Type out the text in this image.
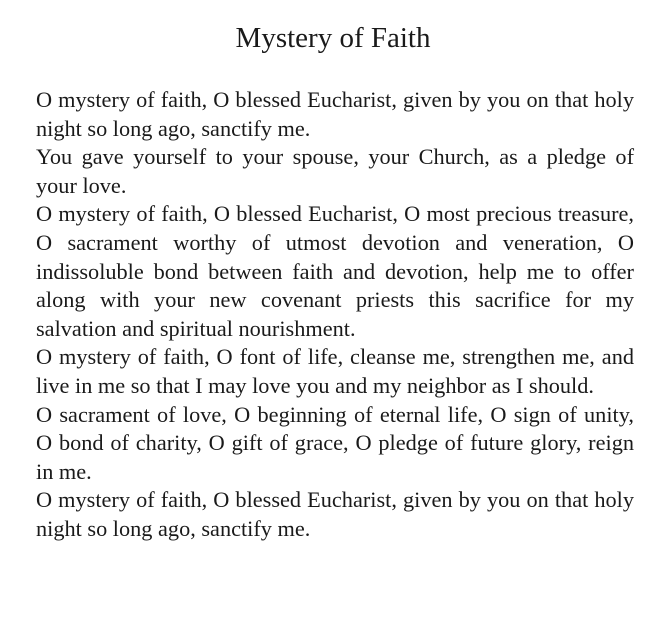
Mystery of Faith

O mystery of faith, O blessed Eucharist, given by you on that holy night so long ago, sanctify me.

You gave yourself to your spouse, your Church, as a pledge of your love.

O mystery of faith, O blessed Eucharist, O most precious treasure, O sacrament worthy of utmost devotion and veneration, O indissoluble bond between faith and devotion, help me to offer along with your new covenant priests this sacrifice for my salvation and spiritual nourishment.

O mystery of faith, O font of life, cleanse me, strengthen me, and live in me so that I may love you and my neighbor as I should.

O sacrament of love, O beginning of eternal life, O sign of unity, O bond of charity, O gift of grace, O pledge of future glory, reign in me.

O mystery of faith, O blessed Eucharist, given by you on that holy night so long ago, sanctify me.
